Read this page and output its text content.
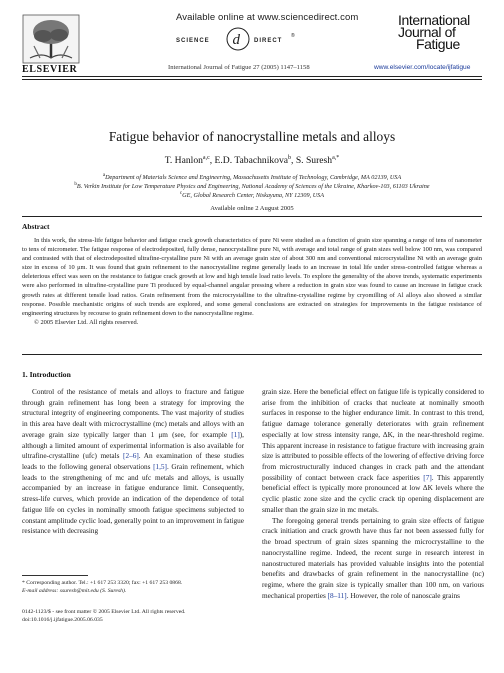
Available online at www.sciencedirect.com
SCIENCE d DIRECT
®
ELSEVIER	International Journal of Fatigue 27 (2005) 1147–1158
International
Journal of
Fatigue
www.elsevier.com/locate/ijfatigue
Fatigue behavior of nanocrystalline metals and alloys
T. Hanlon$^{a,c}$, E.D. Tabachnikova$^b$, S. Suresh$^{a,*}$
$^a$Department of Materials Science and Engineering, Massachusetts Institute of Technology, Cambridge, MA 02139, USA
$^b$B. Verkin Institute for Low Temperature Physics and Engineering, National Academy of Sciences of the Ukraine, Kharkov-103, 61103 Ukraine
$^c$GE, Global Research Center, Niskayuna, NY 12309, USA
Available online 2 August 2005
Abstract

In this work, the stress-life fatigue behavior and fatigue crack growth characteristics of pure Ni were studied as a function of grain size spanning a range of tens of nanometer to tens of micrometer. The fatigue response of electrodeposited, fully dense, nanocrystalline pure Ni, with average and total range of grain sizes well below 100 nm, was compared and contrasted with that of electrodeposited ultrafine-crystalline pure Ni with an average grain size of about 300 nm and conventional microcrystalline Ni with an average grain size in excess of 10 μm. It was found that grain refinement to the nanocrystalline regime generally leads to an increase in total life under stress-controlled fatigue whereas a deleterious effect was seen on the resistance to fatigue crack growth at low and high tensile load ratio levels. To explore the generality of the above trends, systematic experiments were also performed in ultrafine-crystalline pure Ti produced by equal-channel angular pressing where a reduction in grain size was found to cause an increase in fatigue crack growth rates at different tensile load ratios. Grain refinement from the microcrystalline to the ultrafine-crystalline regime by cryomilling of Al alloys also showed a similar response. Possible mechanistic origins of such trends are explored, and some general conclusions are extracted on strategies for improvements in the fatigue resistance of engineering structures by recourse to grain refinement down to the nanocrystalline regime.

© 2005 Elsevier Ltd. All rights reserved.

1. Introduction

Control of the resistance of metals and alloys to fracture and fatigue through grain refinement has long been a strategy for improving the structural integrity of engineering components. The vast majority of studies in this area have dealt with microcrystalline (mc) metals and alloys with an average grain size typically larger than 1 μm (see, for example [1]), although a limited amount of experimental information is also available for ultrafine-crystalline (ufc) metals [2–6]. An examination of these studies leads to the following general observations [1,5]. Grain refinement, which leads to the strengthening of mc and ufc metals and alloys, is usually accompanied by an increase in fatigue endurance limit. Consequently, stress-life curves, which provide an indication of the dependence of total fatigue life on cycles in nominally smooth fatigue specimens subjected to constant amplitude cyclic load, generally point to an improvement in fatigue resistance with decreasing

grain size. Here the beneficial effect on fatigue life is typically considered to arise from the inhibition of cracks that nucleate at nominally smooth surfaces in response to the higher endurance limit. In contrast to this trend, fatigue damage tolerance generally deteriorates with grain refinement especially at low stress intensity range, ΔK, in the near-threshold regime. This apparent increase in resistance to fatigue fracture with increasing grain size is attributed to possible effects of the lowering of effective driving force from microstructurally induced changes in crack path and the attendant possibility of contact between crack face asperities [7]. This apparently beneficial effect is typically more pronounced at low ΔK levels where the cyclic plastic zone size and the cyclic crack tip opening displacement are smaller than the grain size in mc metals.

The foregoing general trends pertaining to grain size effects of fatigue crack initiation and crack growth have thus far not been assessed fully for the broad spectrum of grain sizes spanning the microcrystalline to the nanocrystalline regime. Indeed, the recent surge in research interest in nanostructured materials has provided valuable insights into the potential benefits and drawbacks of grain refinement in the nanocrystalline (nc) regime, where the grain size is typically smaller than 100 nm, on various mechanical properties [8–11]. However, the role of nanoscale grains

* Corresponding author. Tel.: +1 617 253 3320; fax: +1 617 253 0868.
E-mail address: ssuresh@mit.edu (S. Suresh).
0142-1123/$ - see front matter © 2005 Elsevier Ltd. All rights reserved.
doi:10.1016/j.ijfatigue.2005.06.035
